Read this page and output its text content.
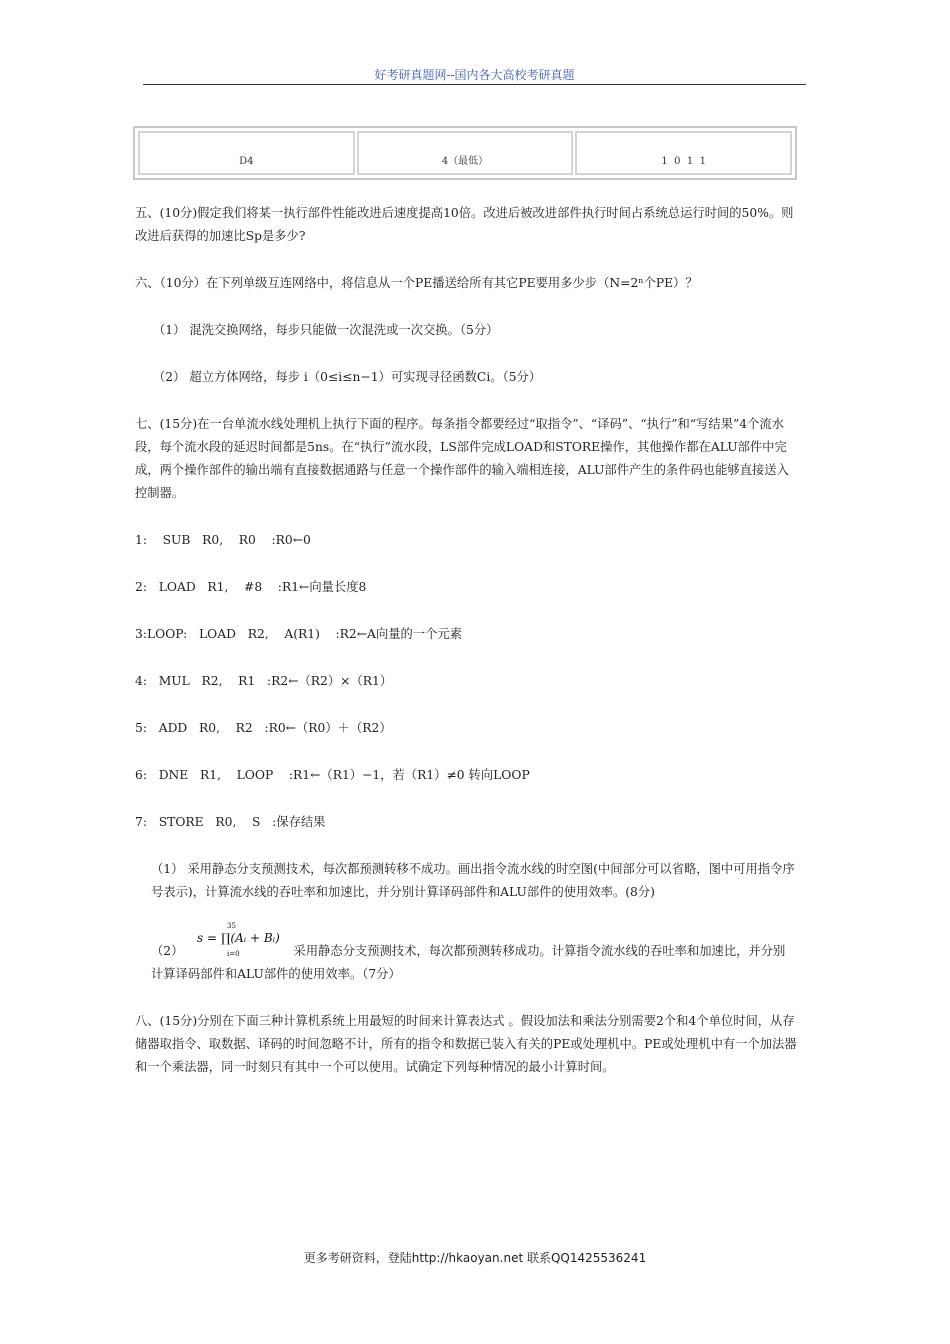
好考研真题网--国内各大高校考研真题
D4	4（最低）	1  0  1  1

五、(10分)假定我们将某一执行部件性能改进后速度提高10倍。改进后被改进部件执行时间占系统总运行时间的50%。则改进后获得的加速比Sp是多少?

六、（10分）在下列单级互连网络中，将信息从一个PE播送给所有其它PE要用多少步（N=2ⁿ个PE）？

（1） 混洗交换网络，每步只能做一次混洗或一次交换。（5分）

（2） 超立方体网络，每步 i（0≤i≤n−1）可实现寻径函数Ci。（5分）

七、(15分)在一台单流水线处理机上执行下面的程序。每条指令都要经过“取指令”、“译码”、“执行”和“写结果”4个流水段，每个流水段的延迟时间都是5ns。在“执行”流水段，LS部件完成LOAD和STORE操作，其他操作都在ALU部件中完成，两个操作部件的输出端有直接数据通路与任意一个操作部件的输入端相连接，ALU部件产生的条件码也能够直接送入控制器。

1:    SUB   R0,    R0    :R0←0

2:   LOAD   R1,    #8    :R1←向量长度8

3:LOOP:   LOAD   R2,    A(R1)    :R2←A向量的一个元素

4:   MUL   R2,    R1   :R2←（R2）×（R1）

5:   ADD   R0,    R2   :R0←（R0）＋（R2）

6:   DNE   R1,    LOOP    :R1←（R1）−1，若（R1）≠0 转向LOOP

7:   STORE   R0,    S   :保存结果

（1） 采用静态分支预测技术，每次都预测转移不成功。画出指令流水线的时空图(中间部分可以省略，图中可用指令序号表示)，计算流水线的吞吐率和加速比，并分别计算译码部件和ALU部件的使用效率。(8分)

35
s = ∏(Aᵢ + Bᵢ)
i=0
（2）	采用静态分支预测技术，每次都预测转移成功。计算指令流水线的吞吐率和加速比，并分别计算译码部件和ALU部件的使用效率。（7分）

八、(15分)分别在下面三种计算机系统上用最短的时间来计算表达式 。假设加法和乘法分别需要2个和4个单位时间，从存储器取指令、取数据、译码的时间忽略不计，所有的指令和数据已装入有关的PE或处理机中。PE或处理机中有一个加法器和一个乘法器，同一时刻只有其中一个可以使用。试确定下列每种情况的最小计算时间。

更多考研资料，登陆http://hkaoyan.net 联系QQ1425536241
